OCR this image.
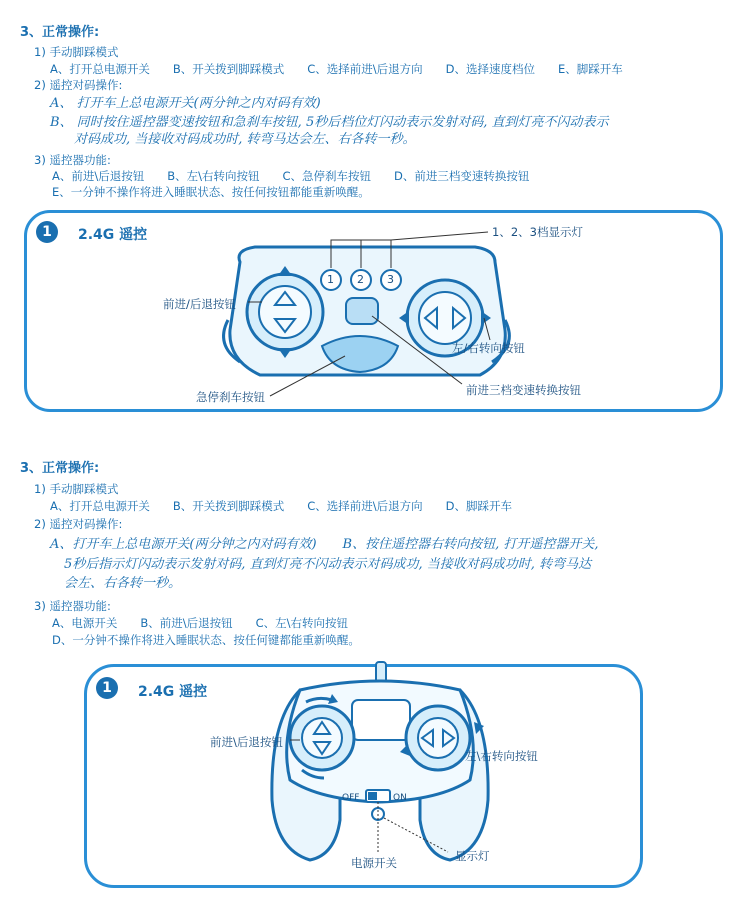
3、正常操作:
1) 手动脚踩模式
A、打开总电源开关　　B、开关拨到脚踩模式　　C、选择前进\后退方向　　D、选择速度档位　　E、脚踩开车
2) 遥控对码操作:
A、 打开车上总电源开关(两分钟之内对码有效)
B、 同时按住遥控器变速按钮和急刹车按钮, 5秒后档位灯闪动表示发射对码, 直到灯亮不闪动表示
对码成功, 当接收对码成功时, 转弯马达会左、右各转一秒。
3) 遥控器功能:
A、前进\后退按钮　　B、左\右转向按钮　　C、急停刹车按钮　　D、前进三档变速转换按钮
E、一分钟不操作将进入睡眠状态、按任何按钮都能重新唤醒。
1	2.4G 遥控
1 2 3
1、2、3档显示灯
前进/后退按钮
左/右转向按钮
急停刹车按钮	前进三档变速转换按钮
3、正常操作:
1) 手动脚踩模式
A、打开总电源开关　　B、开关拨到脚踩模式　　C、选择前进\后退方向　　D、脚踩开车
2) 遥控对码操作:
A、打开车上总电源开关(两分钟之内对码有效)　　B、按住遥控器右转向按钮, 打开遥控器开关,
5秒后指示灯闪动表示发射对码, 直到灯亮不闪动表示对码成功, 当接收对码成功时, 转弯马达
会左、右各转一秒。
3) 遥控器功能:
A、电源开关　　B、前进\后退按钮　　C、左\右转向按钮
D、一分钟不操作将进入睡眠状态、按任何键都能重新唤醒。
1	2.4G 遥控
OFF	ON
前进\后退按钮
左\右转向按钮
电源开关	显示灯
